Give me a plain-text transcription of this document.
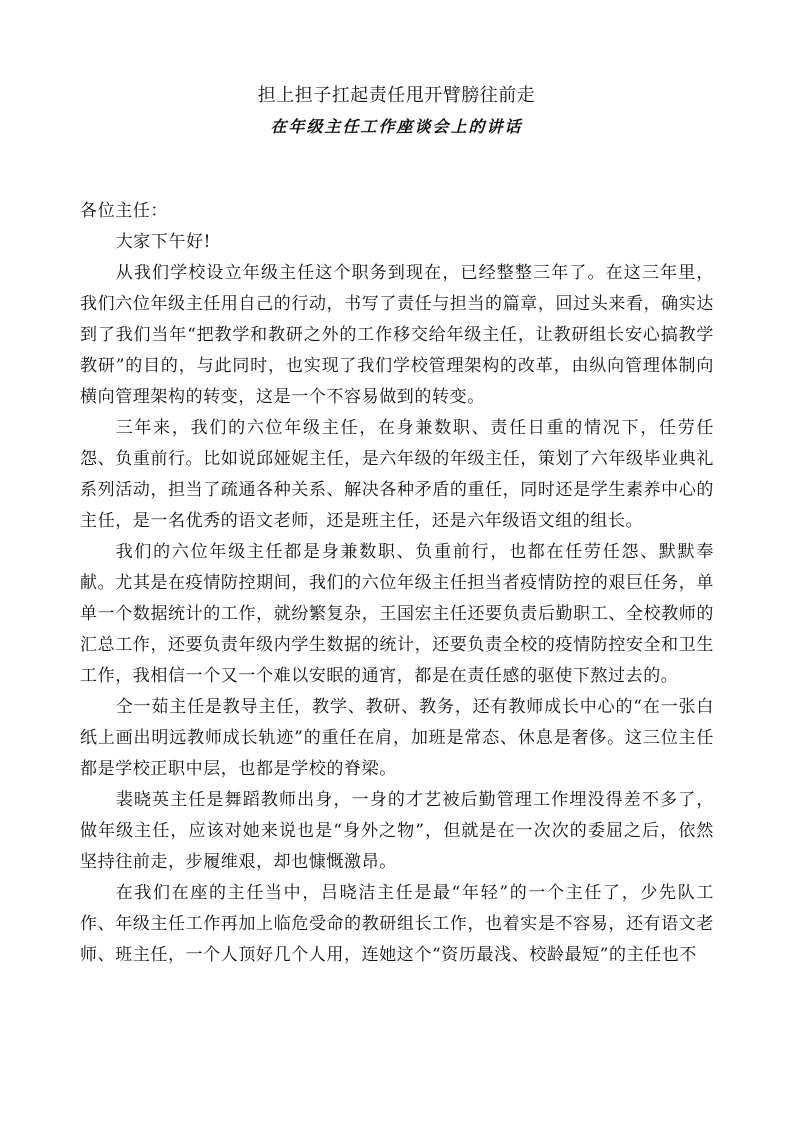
担上担子扛起责任甩开臂膀往前走
在年级主任工作座谈会上的讲话

各位主任：

大家下午好!

从我们学校设立年级主任这个职务到现在，已经整整三年了。在这三年里，我们六位年级主任用自己的行动，书写了责任与担当的篇章，回过头来看，确实达到了我们当年“把教学和教研之外的工作移交给年级主任，让教研组长安心搞教学教研”的目的，与此同时，也实现了我们学校管理架构的改革，由纵向管理体制向横向管理架构的转变，这是一个不容易做到的转变。

三年来，我们的六位年级主任，在身兼数职、责任日重的情况下，任劳任怨、负重前行。比如说邱娅妮主任，是六年级的年级主任，策划了六年级毕业典礼系列活动，担当了疏通各种关系、解决各种矛盾的重任，同时还是学生素养中心的主任，是一名优秀的语文老师，还是班主任，还是六年级语文组的组长。

我们的六位年级主任都是身兼数职、负重前行，也都在任劳任怨、默默奉献。尤其是在疫情防控期间，我们的六位年级主任担当者疫情防控的艰巨任务，单单一个数据统计的工作，就纷繁复杂，王国宏主任还要负责后勤职工、全校教师的汇总工作，还要负责年级内学生数据的统计，还要负责全校的疫情防控安全和卫生工作，我相信一个又一个难以安眠的通宵，都是在责任感的驱使下熬过去的。

仝一茹主任是教导主任，教学、教研、教务，还有教师成长中心的“在一张白纸上画出明远教师成长轨迹”的重任在肩，加班是常态、休息是奢侈。这三位主任都是学校正职中层，也都是学校的脊梁。

裴晓英主任是舞蹈教师出身，一身的才艺被后勤管理工作埋没得差不多了，做年级主任，应该对她来说也是“身外之物”，但就是在一次次的委屈之后，依然坚持往前走，步履维艰，却也慷慨激昂。

在我们在座的主任当中，吕晓洁主任是最“年轻”的一个主任了，少先队工作、年级主任工作再加上临危受命的教研组长工作，也着实是不容易，还有语文老师、班主任，一个人顶好几个人用，连她这个“资历最浅、校龄最短”的主任也不
